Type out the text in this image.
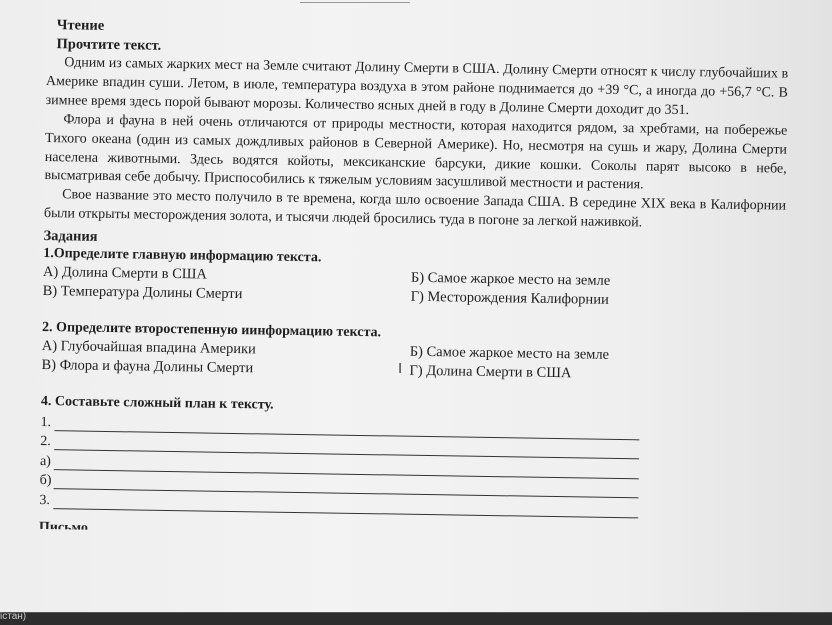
Чтение
Прочтите текст.

Одним из самых жарких мест на Земле считают Долину Смерти в США. Долину Смерти относят к числу глубочайших в Америке впадин суши. Летом, в июле, температура воздуха в этом районе поднимается до +39 °С, а иногда до +56,7 °С. В зимнее время здесь порой бывают морозы. Количество ясных дней в году в Долине Смерти доходит до 351.

Флора и фауна в ней очень отличаются от природы местности, которая находится рядом, за хребтами, на побережье Тихого океана (один из самых дождливых районов в Северной Америке). Но, несмотря на сушь и жару, Долина Смерти населена животными. Здесь водятся койоты, мексиканские барсуки, дикие кошки. Соколы парят высоко в небе, высматривая себе добычу. Приспособились к тяжелым условиям засушливой местности и растения.

Свое название это место получило в те времена, когда шло освоение Запада США. В середине XIX века в Калифорнии были открыты месторождения золота, и тысячи людей бросились туда в погоне за легкой наживкой.

Задания
1.Определите главную информацию текста.
А) Долина Смерти в США
В) Температура Долины Смерти
Б) Самое жаркое место на земле
Г) Месторождения Калифорнии
2. Определите второстепенную иинформацию текста.
А) Глубочайшая впадина Америки
В) Флора и фауна Долины Смерти
Б) Самое жаркое место на земле
Г) Долина Смерти в США
4. Составьте сложный план к тексту.
1.
2.
а)
б)
3.
Письмо
I
істан)
